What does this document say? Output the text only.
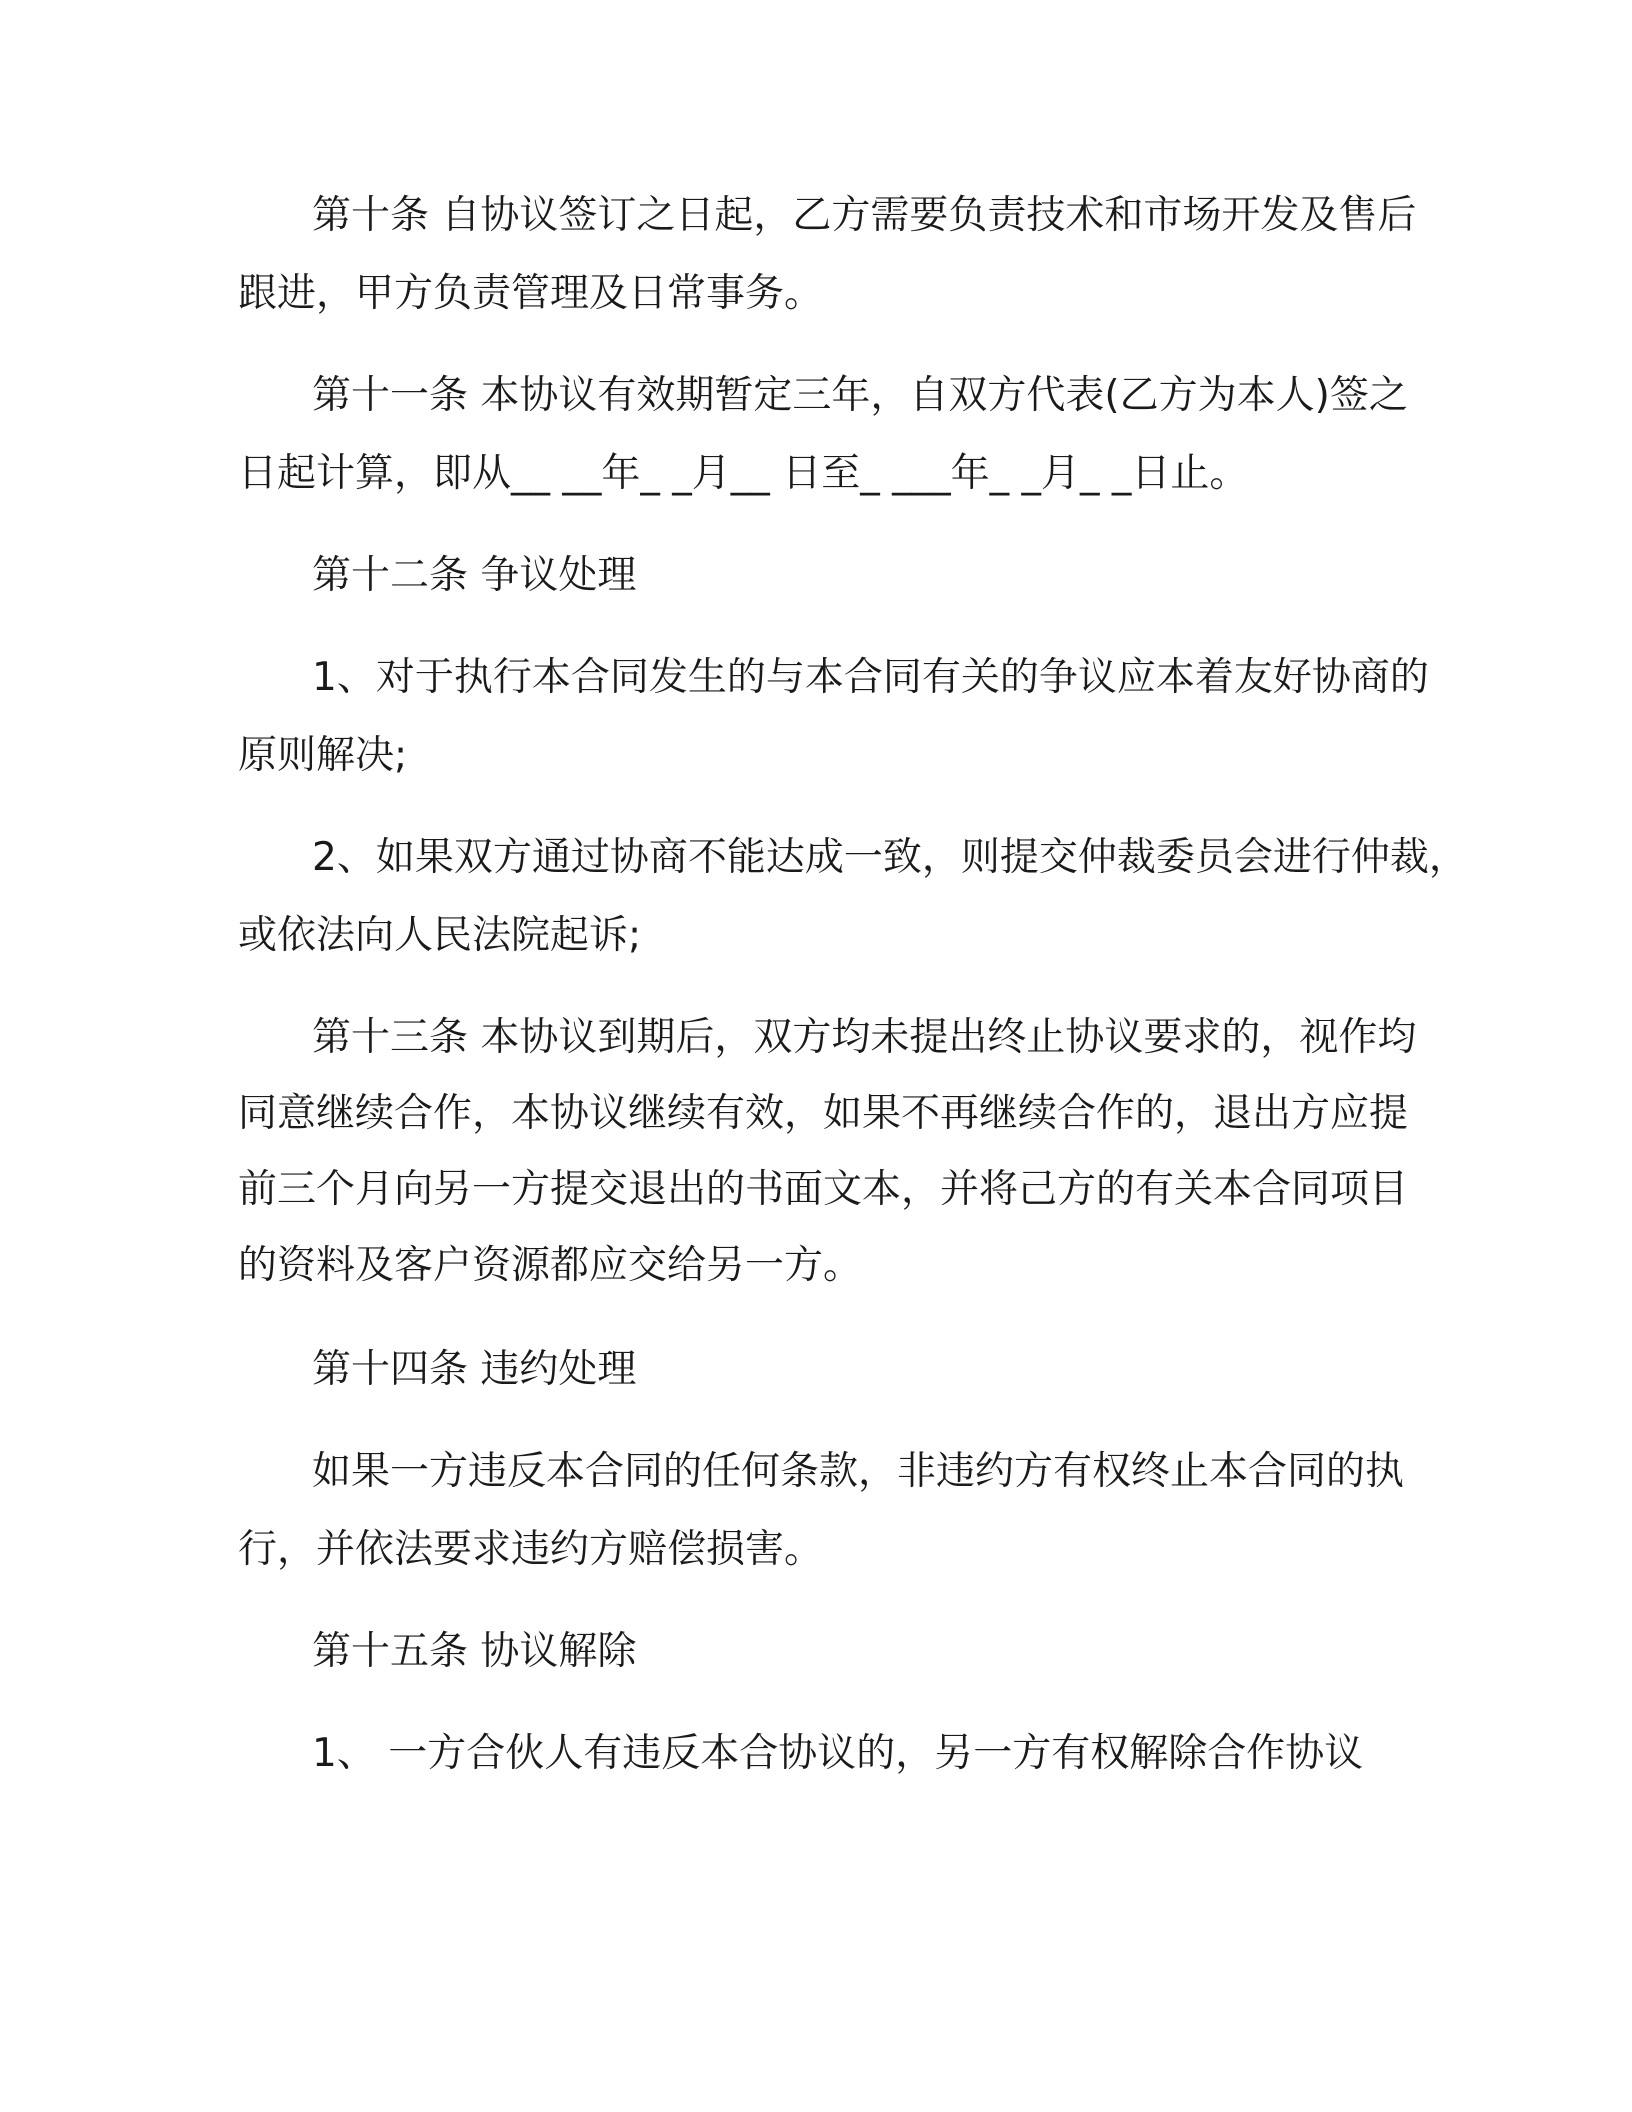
第十条 自协议签订之日起，乙方需要负责技术和市场开发及售后
跟进，甲方负责管理及日常事务。
第十一条 本协议有效期暂定三年，自双方代表(乙方为本人)签之
日起计算，即从__ __年_ _月__ 日至_ ___年_ _月_ _日止。
第十二条 争议处理
1、对于执行本合同发生的与本合同有关的争议应本着友好协商的
原则解决;
2、如果双方通过协商不能达成一致，则提交仲裁委员会进行仲裁，
或依法向人民法院起诉;
第十三条 本协议到期后，双方均未提出终止协议要求的，视作均
同意继续合作，本协议继续有效，如果不再继续合作的，退出方应提
前三个月向另一方提交退出的书面文本，并将己方的有关本合同项目
的资料及客户资源都应交给另一方。
第十四条 违约处理
如果一方违反本合同的任何条款，非违约方有权终止本合同的执
行，并依法要求违约方赔偿损害。
第十五条 协议解除
1、 一方合伙人有违反本合协议的，另一方有权解除合作协议
